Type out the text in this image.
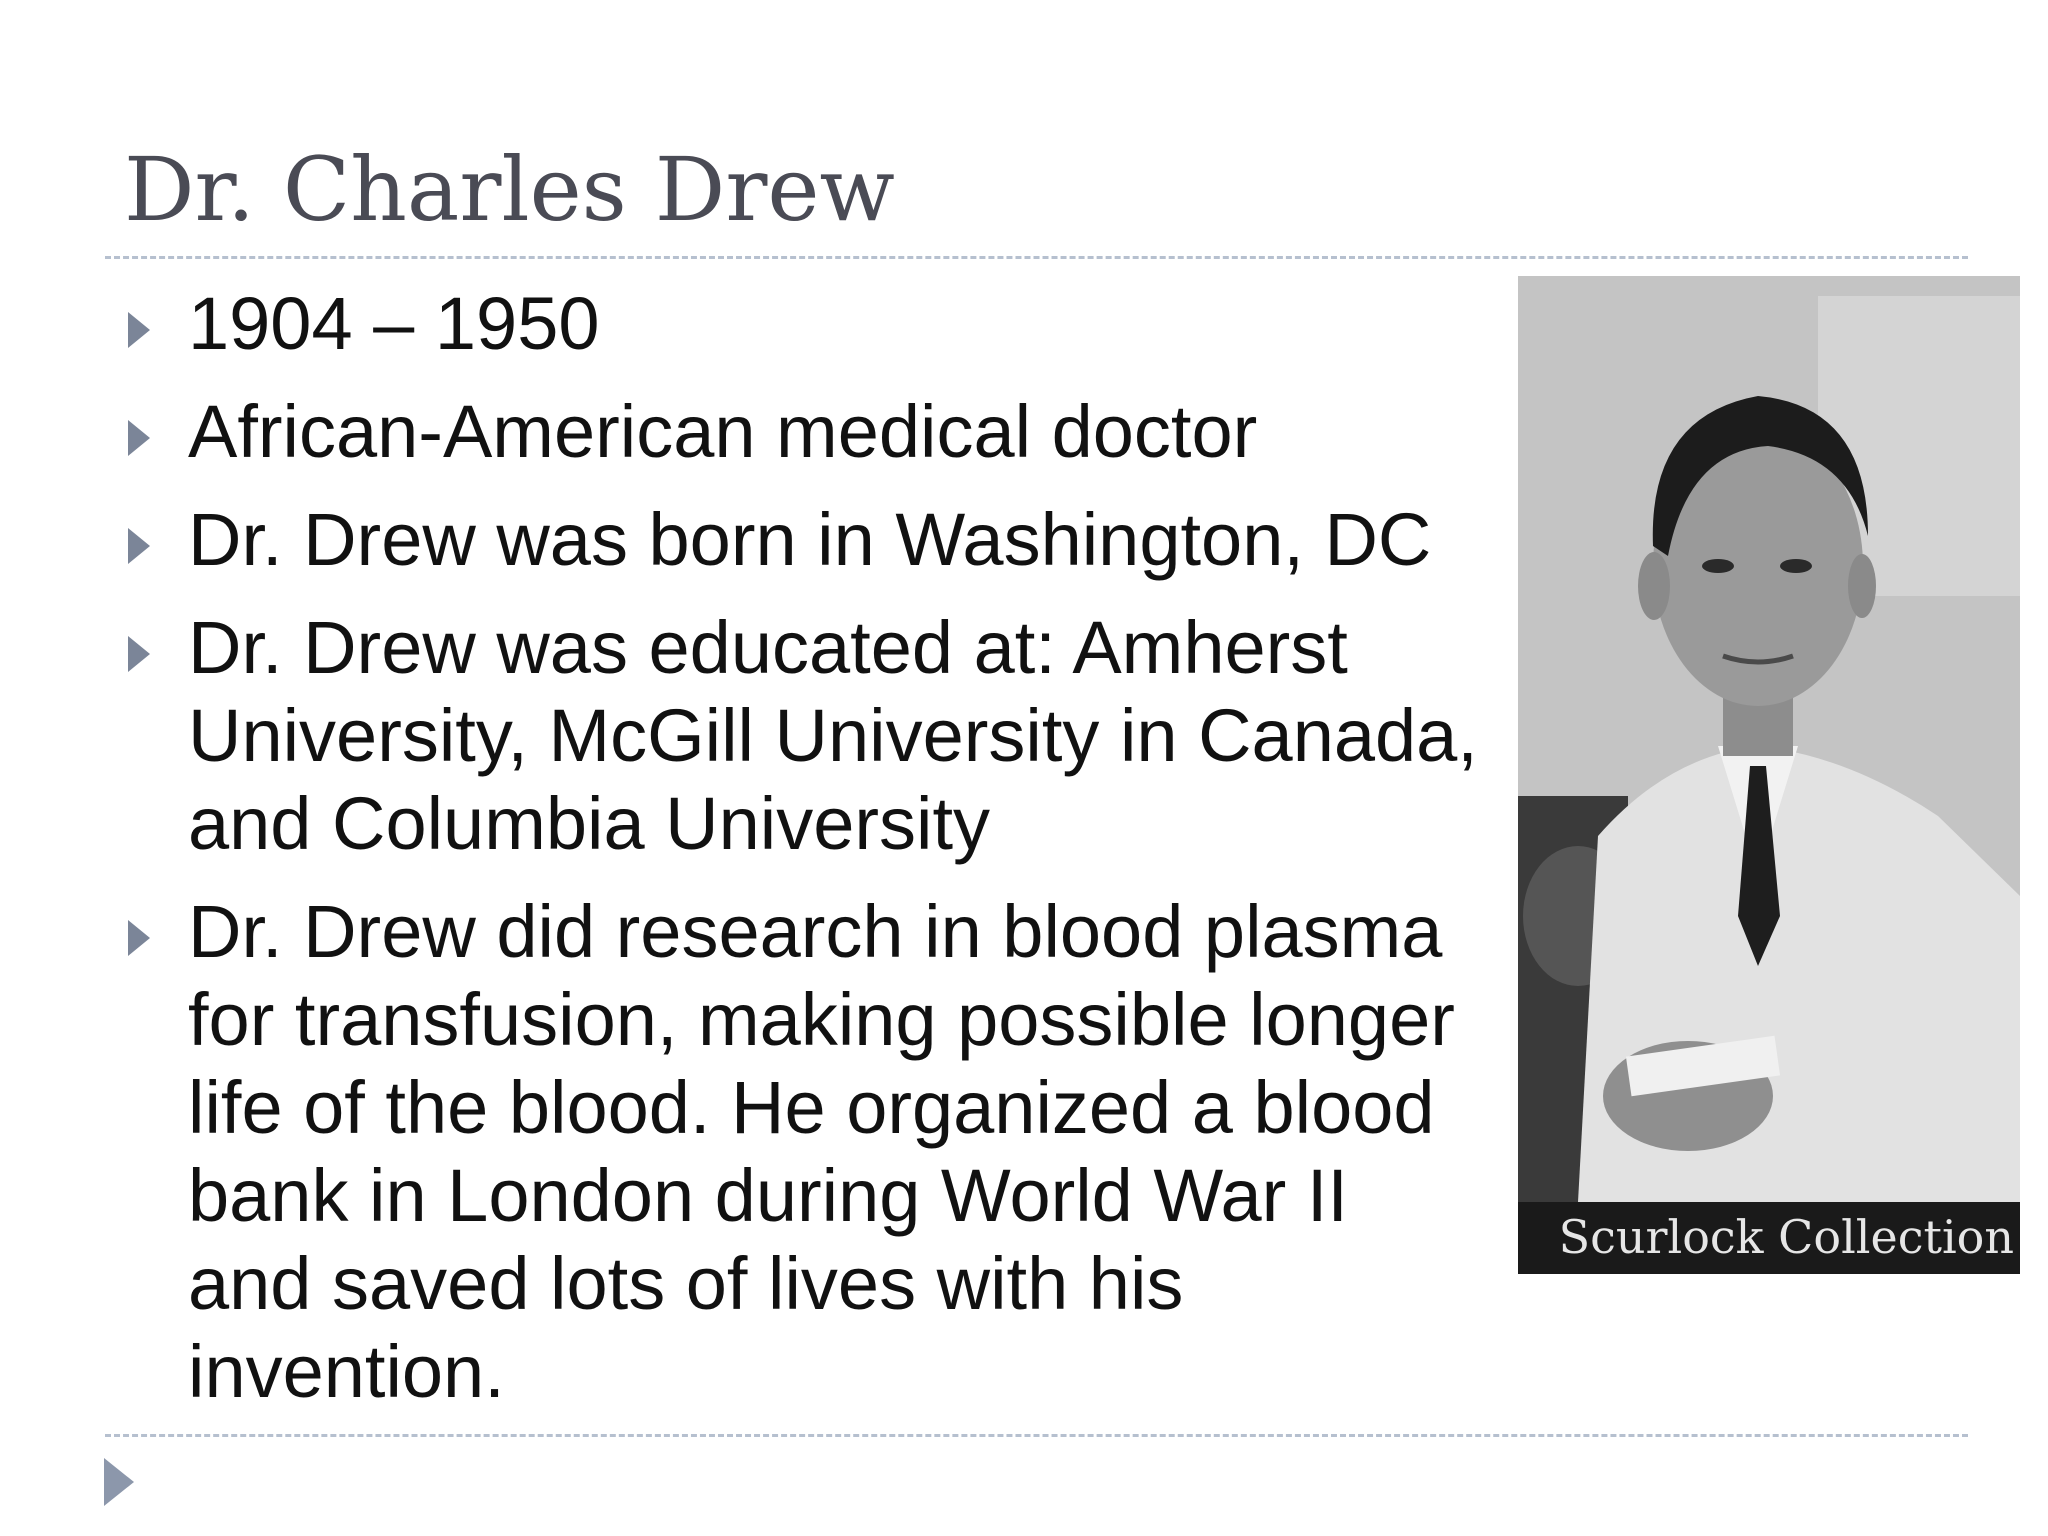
Dr. Charles Drew
1904 – 1950
African-American medical doctor
Dr. Drew was born in Washington, DC
Dr. Drew was educated at: Amherst University, McGill University in Canada, and Columbia University
Dr. Drew did research in blood plasma for transfusion, making possible longer life of the blood. He organized a blood bank in London during World War II and saved lots of lives with his invention.
Scurlock Collection
